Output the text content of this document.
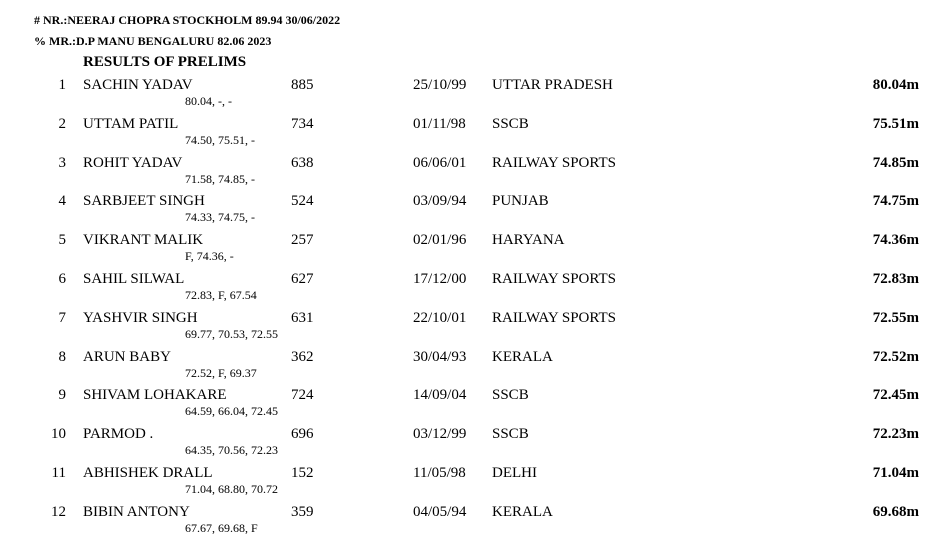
# NR.:NEERAJ CHOPRA STOCKHOLM 89.94 30/06/2022
% MR.:D.P MANU BENGALURU 82.06 2023
RESULTS OF PRELIMS
1 SACHIN YADAV	885	25/10/99 UTTAR PRADESH	80.04m
80.04, -, -
2 UTTAM PATIL	734	01/11/98 SSCB	75.51m
74.50, 75.51, -
3 ROHIT YADAV	638	06/06/01 RAILWAY SPORTS	74.85m
71.58, 74.85, -
4 SARBJEET SINGH	524	03/09/94 PUNJAB	74.75m
74.33, 74.75, -
5 VIKRANT MALIK	257	02/01/96 HARYANA	74.36m
F, 74.36, -
6 SAHIL SILWAL	627	17/12/00 RAILWAY SPORTS	72.83m
72.83, F, 67.54
7 YASHVIR SINGH	631	22/10/01 RAILWAY SPORTS	72.55m
69.77, 70.53, 72.55
8 ARUN BABY	362	30/04/93 KERALA	72.52m
72.52, F, 69.37
9 SHIVAM LOHAKARE	724	14/09/04 SSCB	72.45m
64.59, 66.04, 72.45
10 PARMOD .	696	03/12/99 SSCB	72.23m
64.35, 70.56, 72.23
11 ABHISHEK DRALL	152	11/05/98 DELHI	71.04m
71.04, 68.80, 70.72
12 BIBIN ANTONY	359	04/05/94 KERALA	69.68m
67.67, 69.68, F
